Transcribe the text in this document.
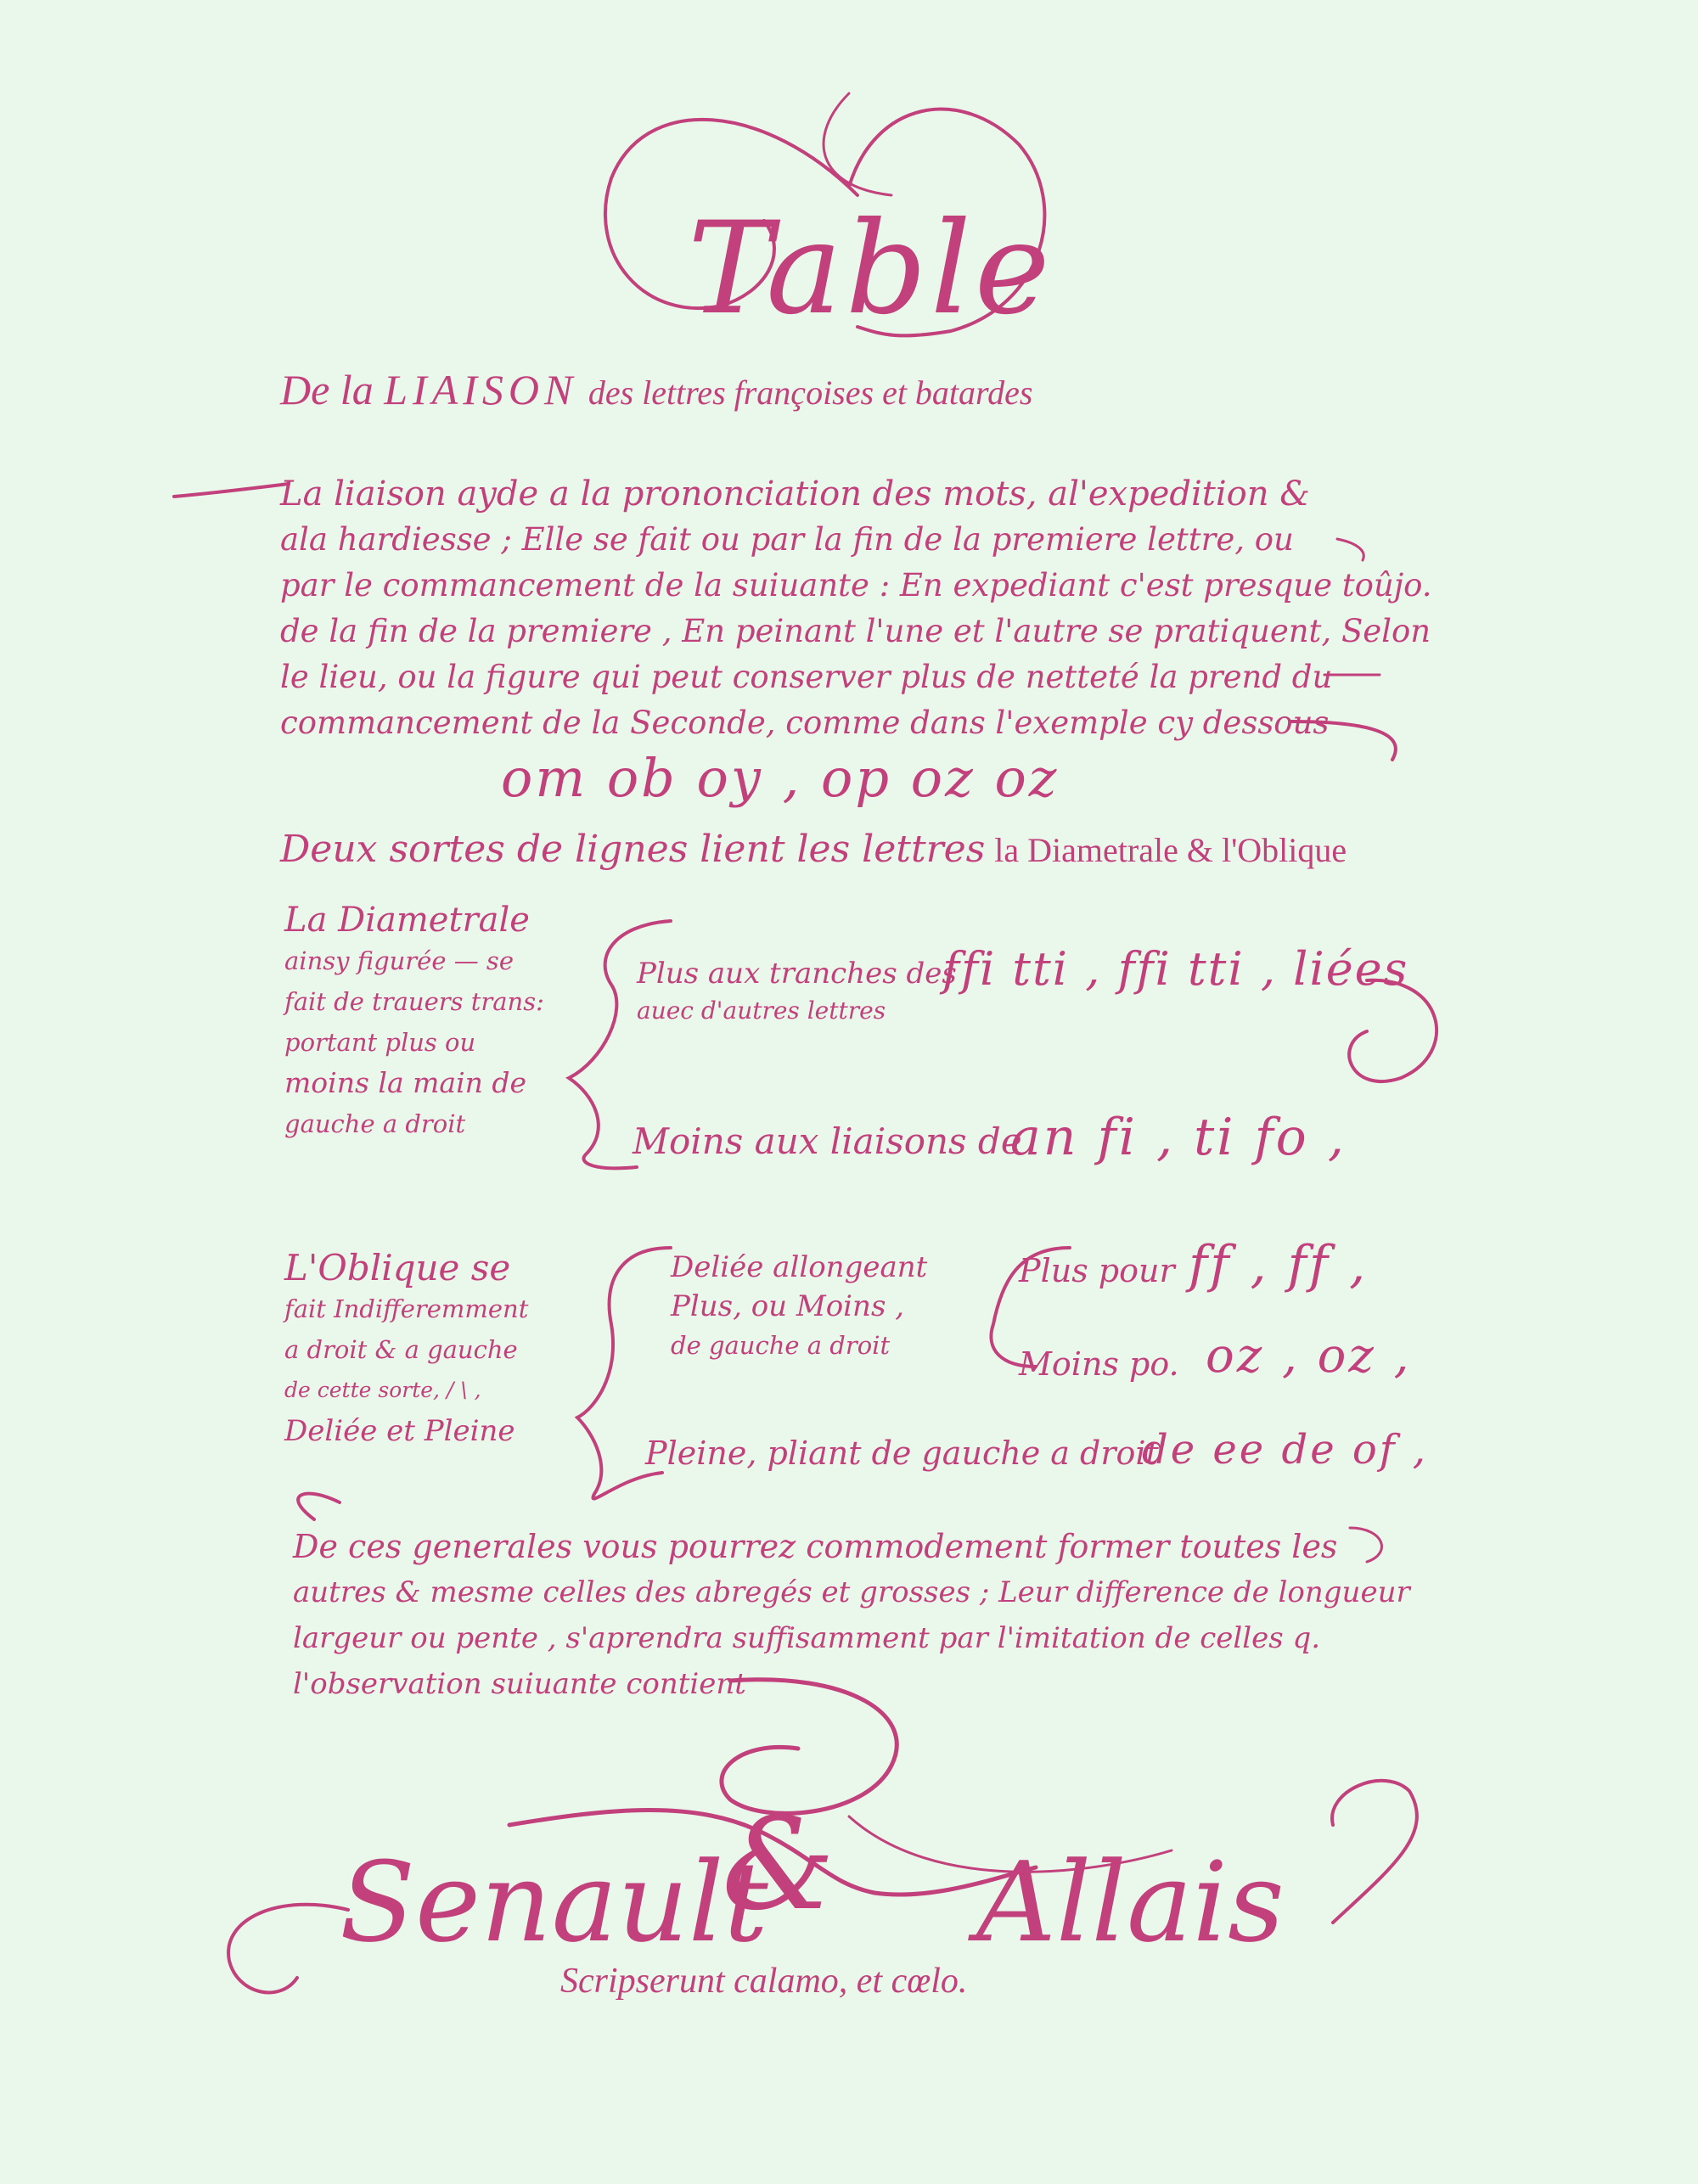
Table
De la LIAISON des lettres françoises et batardes
La liaison ayde a la prononciation des mots, al'expedition &
ala hardiesse ; Elle se fait ou par la fin de la premiere lettre, ou
par le commancement de la suiuante : En expediant c'est presque toûjo.
de la fin de la premiere , En peinant l'une et l'autre se pratiquent, Selon
le lieu, ou la figure qui peut conserver plus de netteté la prend du
commancement de la Seconde, comme dans l'exemple cy dessous
om ob oy , op oz oz
Deux sortes de lignes lient les lettres la Diametrale & l'Oblique
La Diametrale
ainsy figurée — se
fait de trauers trans:
portant plus ou
moins la main de
gauche a droit
Plus aux tranches des
auec d'autres lettres
ffi tti , ffi tti , liées
Moins aux liaisons de
an fi , ti fo ,
L'Oblique se
fait Indifferemment
a droit & a gauche
de cette sorte, / \ ,
Deliée et Pleine
Deliée allongeant
Plus, ou Moins ,
de gauche a droit
Plus pour ff , ff ,
Moins po. oz , oz ,
Pleine, pliant de gauche a droit
de ee de of ,
De ces generales vous pourrez commodement former toutes les
autres & mesme celles des abregés et grosses ; Leur difference de longueur
largeur ou pente , s'aprendra suffisamment par l'imitation de celles q.
l'observation suiuante contient
Senault
& Allais
Scripserunt calamo, et cœlo.
